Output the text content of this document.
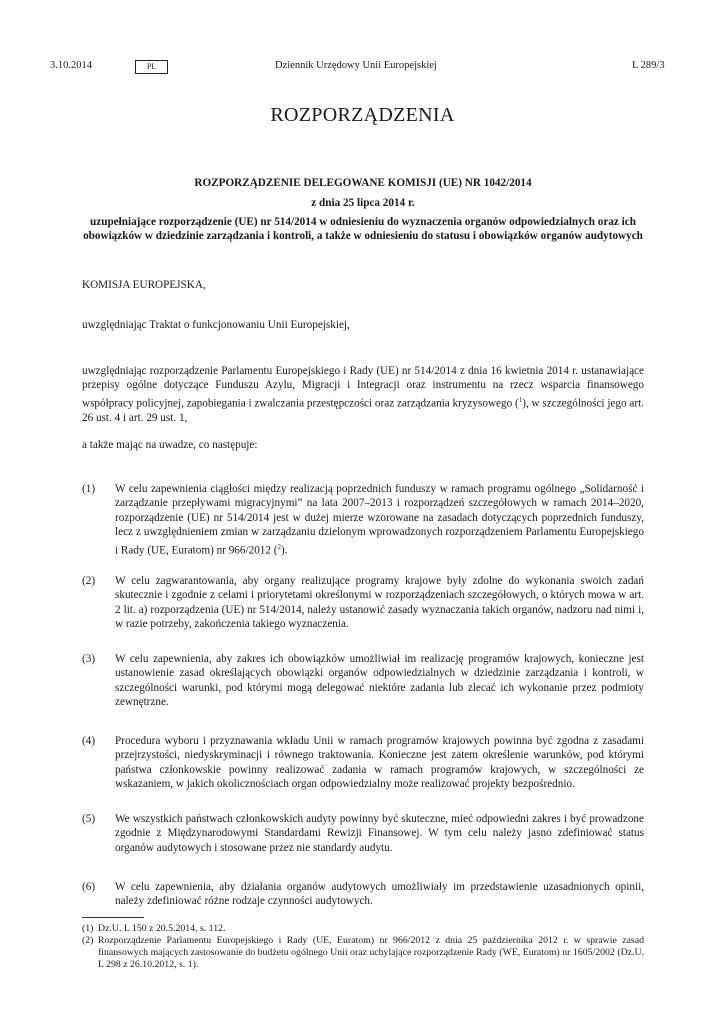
3.10.2014	PL	Dziennik Urzędowy Unii Europejskiej	L 289/3
ROZPORZĄDZENIA
ROZPORZĄDZENIE DELEGOWANE KOMISJI (UE) NR 1042/2014
z dnia 25 lipca 2014 r.
uzupełniające rozporządzenie (UE) nr 514/2014 w odniesieniu do wyznaczenia organów odpowiedzialnych oraz ich obowiązków w dziedzinie zarządzania i kontroli, a także w odniesieniu do statusu i obowiązków organów audytowych
KOMISJA EUROPEJSKA,
uwzględniając Traktat o funkcjonowaniu Unii Europejskiej,
uwzględniając rozporządzenie Parlamentu Europejskiego i Rady (UE) nr 514/2014 z dnia 16 kwietnia 2014 r. ustanawiające przepisy ogólne dotyczące Funduszu Azylu, Migracji i Integracji oraz instrumentu na rzecz wsparcia finansowego współpracy policyjnej, zapobiegania i zwalczania przestępczości oraz zarządzania kryzysowego ($^1$), w szczególności jego art. 26 ust. 4 i art. 29 ust. 1,
a także mając na uwadze, co następuje:
(1) W celu zapewnienia ciągłości między realizacją poprzednich funduszy w ramach programu ogólnego „Solidarność i zarządzanie przepływami migracyjnymi” na lata 2007–2013 i rozporządzeń szczegółowych w ramach 2014–2020, rozporządzenie (UE) nr 514/2014 jest w dużej mierze wzorowane na zasadach dotyczących poprzednich funduszy, lecz z uwzględnieniem zmian w zarządzaniu dzielonym wprowadzonych rozporządzeniem Parlamentu Europejskiego i Rady (UE, Euratom) nr 966/2012 ($^2$).
(2) W celu zagwarantowania, aby organy realizujące programy krajowe były zdolne do wykonania swoich zadań skutecznie i zgodnie z celami i priorytetami określonymi w rozporządzeniach szczegółowych, o których mowa w art. 2 lit. a) rozporządzenia (UE) nr 514/2014, należy ustanowić zasady wyznaczania takich organów, nadzoru nad nimi i, w razie potrzeby, zakończenia takiego wyznaczenia.
(3) W celu zapewnienia, aby zakres ich obowiązków umożliwiał im realizację programów krajowych, konieczne jest ustanowienie zasad określających obowiązki organów odpowiedzialnych w dziedzinie zarządzania i kontroli, w szczególności warunki, pod którymi mogą delegować niektóre zadania lub zlecać ich wykonanie przez podmioty zewnętrzne.
(4) Procedura wyboru i przyznawania wkładu Unii w ramach programów krajowych powinna być zgodna z zasadami przejrzystości, niedyskryminacji i równego traktowania. Konieczne jest zatem określenie warunków, pod którymi państwa członkowskie powinny realizować zadania w ramach programów krajowych, w szczególności ze wskazaniem, w jakich okolicznościach organ odpowiedzialny może realizować projekty bezpośrednio.
(5) We wszystkich państwach członkowskich audyty powinny być skuteczne, mieć odpowiedni zakres i być prowadzone zgodnie z Międzynarodowymi Standardami Rewizji Finansowej. W tym celu należy jasno zdefiniować status organów audytowych i stosowane przez nie standardy audytu.
(6) W celu zapewnienia, aby działania organów audytowych umożliwiały im przedstawienie uzasadnionych opinii, należy zdefiniować różne rodzaje czynności audytowych.
(1) Dz.U. L 150 z 20.5.2014, s. 112.
(2) Rozporządzenie Parlamentu Europejskiego i Rady (UE, Euratom) nr 966/2012 z dnia 25 października 2012 r. w sprawie zasad finansowych mających zastosowanie do budżetu ogólnego Unii oraz uchylające rozporządzenie Rady (WE, Euratom) nr 1605/2002 (Dz.U. L 298 z 26.10.2012, s. 1).
